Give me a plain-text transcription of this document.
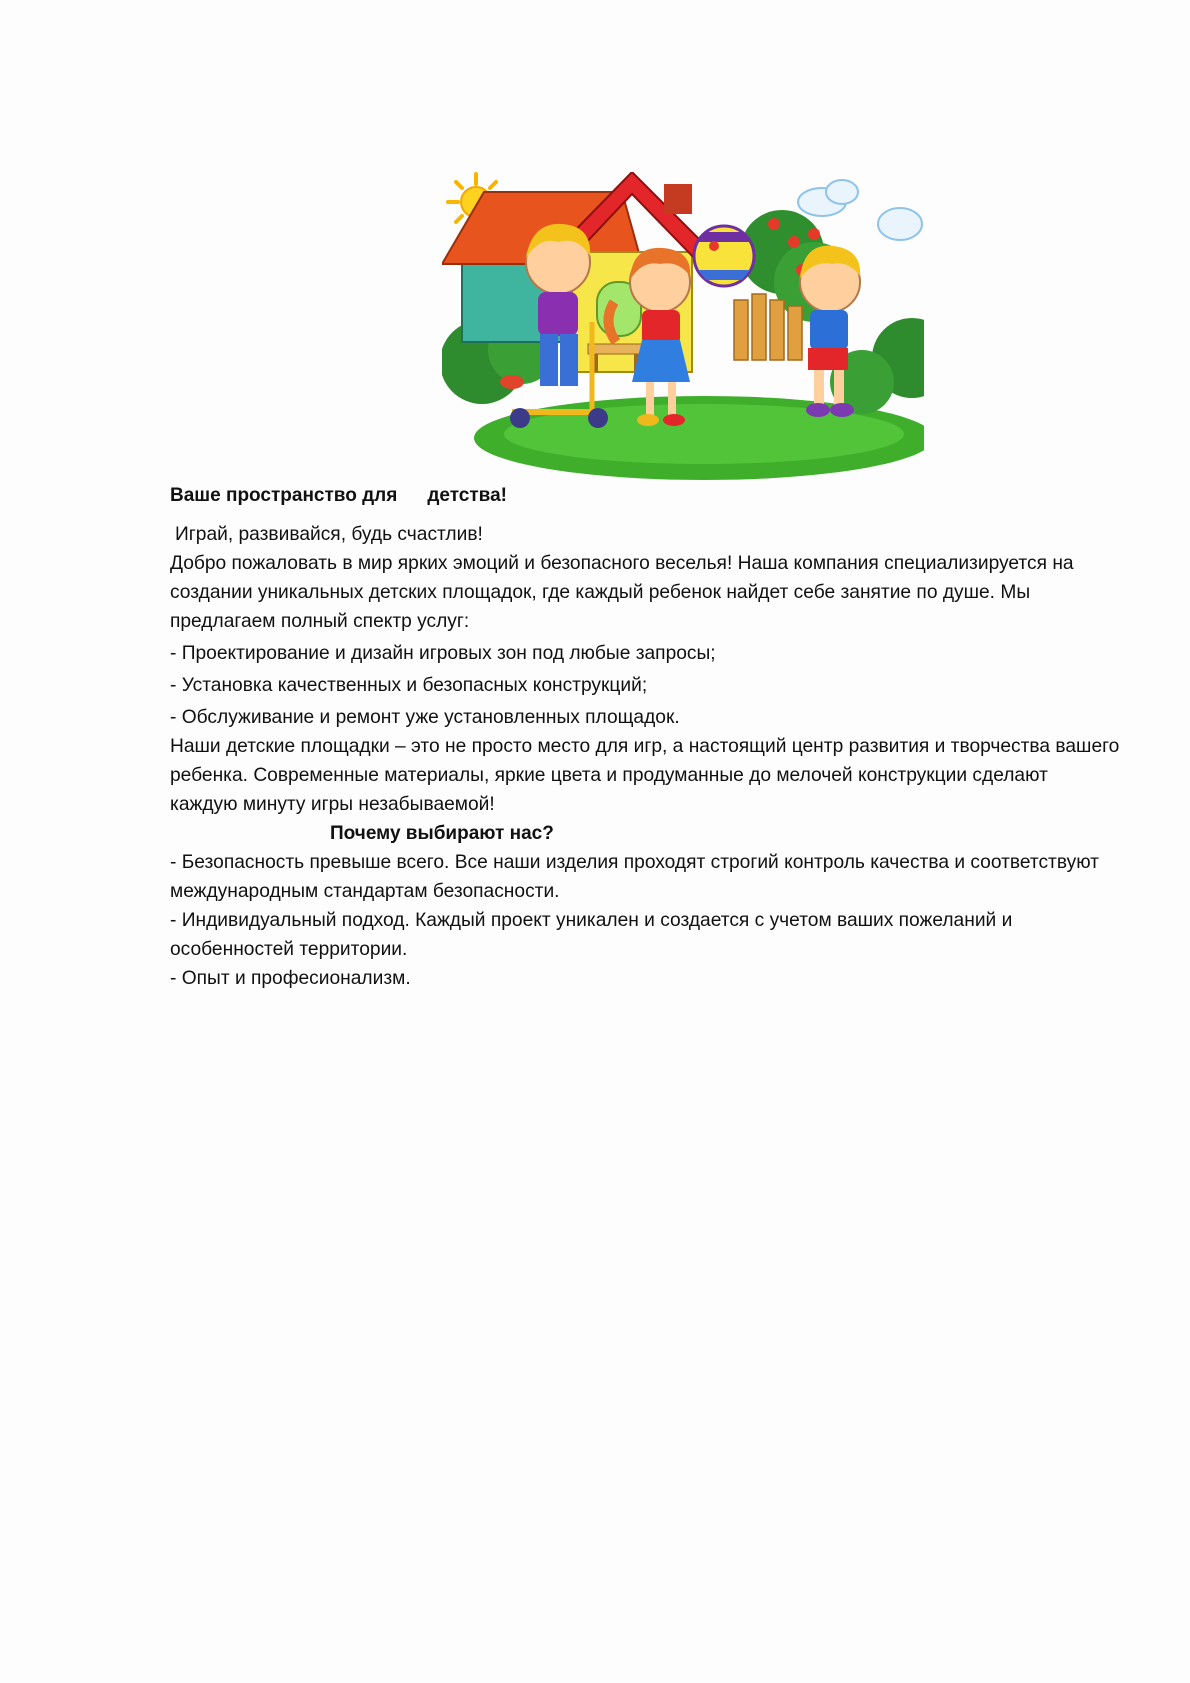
Ваше пространство для детства!

Играй, развивайся, будь счастлив!

Добро пожаловать в мир ярких эмоций и безопасного веселья! Наша компания специализируется на создании уникальных детских площадок, где каждый ребенок найдет себе занятие по душе. Мы предлагаем полный спектр услуг:

- Проектирование и дизайн игровых зон под любые запросы;

- Установка качественных и безопасных конструкций;

- Обслуживание и ремонт уже установленных площадок.

Наши детские площадки – это не просто место для игр, а настоящий центр развития и творчества вашего ребенка. Современные материалы, яркие цвета и продуманные до мелочей конструкции сделают каждую минуту игры незабываемой!

Почему выбирают нас?

- Безопасность превыше всего. Все наши изделия проходят строгий контроль качества и соответствуют международным стандартам безопасности.

- Индивидуальный подход. Каждый проект уникален и создается с учетом ваших пожеланий и особенностей территории.

- Опыт и професионализм.
